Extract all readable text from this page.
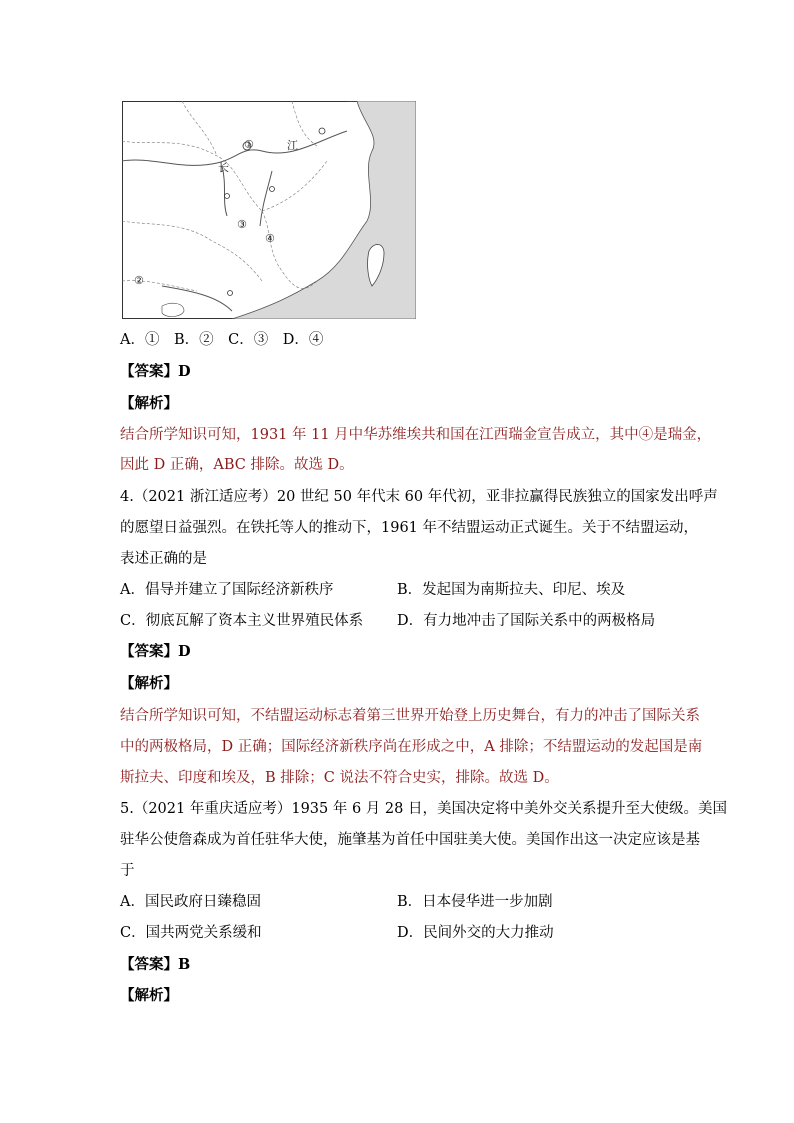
①
②
③
④
江
长
A．①　B．②　C．③　D．④
【答案】D
【解析】
结合所学知识可知，1931 年 11 月中华苏维埃共和国在江西瑞金宣告成立，其中④是瑞金，
因此 D 正确，ABC 排除。故选 D。
4.（2021 浙江适应考）20 世纪 50 年代末 60 年代初，亚非拉赢得民族独立的国家发出呼声
的愿望日益强烈。在铁托等人的推动下，1961 年不结盟运动正式诞生。关于不结盟运动，
表述正确的是
A．倡导并建立了国际经济新秩序	B．发起国为南斯拉夫、印尼、埃及
C．彻底瓦解了资本主义世界殖民体系 D．有力地冲击了国际关系中的两极格局
【答案】D
【解析】
结合所学知识可知，不结盟运动标志着第三世界开始登上历史舞台，有力的冲击了国际关系
中的两极格局，D 正确；国际经济新秩序尚在形成之中，A 排除；不结盟运动的发起国是南
斯拉夫、印度和埃及，B 排除；C 说法不符合史实，排除。故选 D。
5.（2021 年重庆适应考）1935 年 6 月 28 日，美国决定将中美外交关系提升至大使级。美国
驻华公使詹森成为首任驻华大使，施肇基为首任中国驻美大使。美国作出这一决定应该是基
于
A．国民政府日臻稳固	B．日本侵华进一步加剧
C．国共两党关系缓和	D．民间外交的大力推动
【答案】B
【解析】
